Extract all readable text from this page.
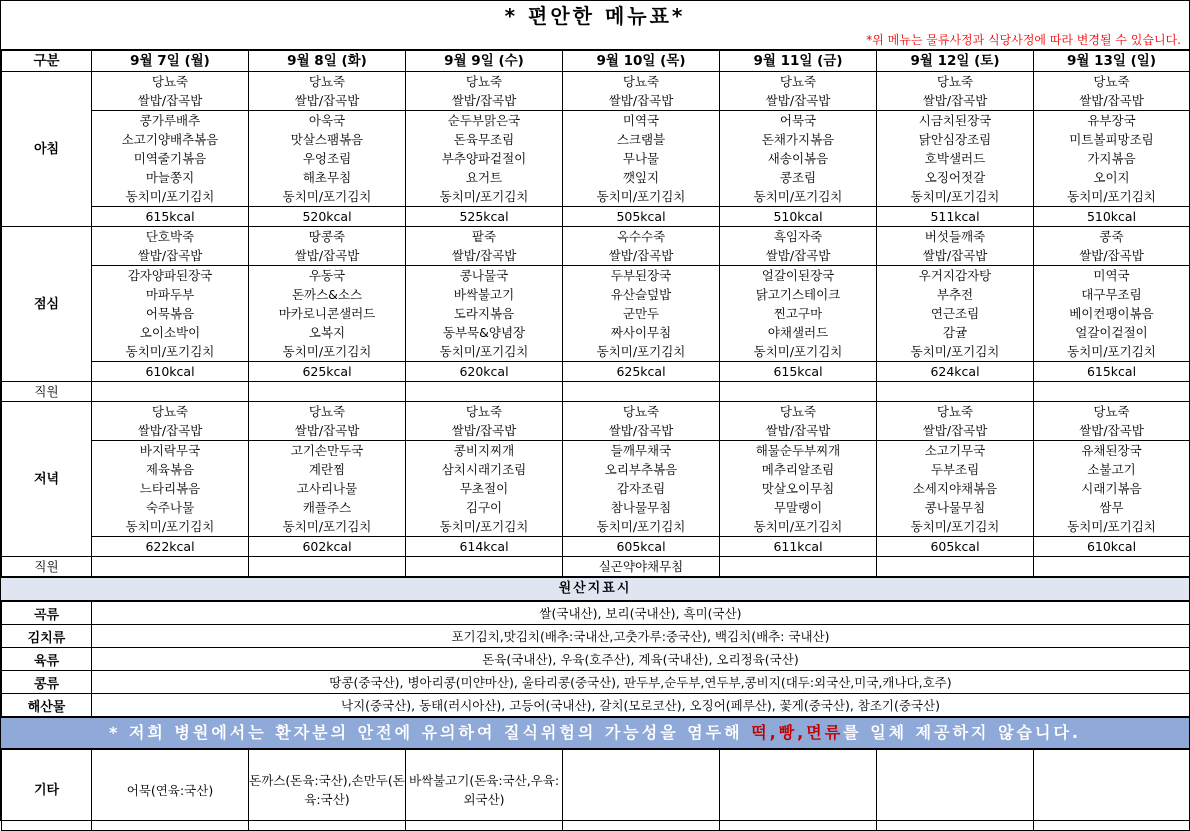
* 편안한 메뉴표*
*위 메뉴는 물류사정과 식당사정에 따라 변경될 수 있습니다.
구분	9월 7일 (월)	9월 8일 (화)	9월 9일 (수)	9월 10일 (목)	9월 11일 (금)	9월 12일 (토)	9월 13일 (일)
아침	당뇨죽	당뇨죽	당뇨죽	당뇨죽	당뇨죽	당뇨죽	당뇨죽
	쌀밥/잡곡밥	쌀밥/잡곡밥	쌀밥/잡곡밥	쌀밥/잡곡밥	쌀밥/잡곡밥	쌀밥/잡곡밥	쌀밥/잡곡밥
	콩가루배추	아욱국	순두부맑은국	미역국	어묵국	시금치된장국	유부장국
	소고기양배추볶음	맛살스팸볶음	돈육무조림	스크램블	돈채가지볶음	닭안심장조림	미트볼피망조림
	미역줄기볶음	우엉조림	부추양파겉절이	무나물	새송이볶음	호박샐러드	가지볶음
	마늘쫑지	해초무침	요거트	깻잎지	콩조림	오징어젓갈	오이지
	동치미/포기김치	동치미/포기김치	동치미/포기김치	동치미/포기김치	동치미/포기김치	동치미/포기김치	동치미/포기김치
	615kcal	520kcal	525kcal	505kcal	510kcal	511kcal	510kcal
점심	단호박죽	땅콩죽	팥죽	옥수수죽	흑임자죽	버섯들깨죽	콩죽
	쌀밥/잡곡밥	쌀밥/잡곡밥	쌀밥/잡곡밥	쌀밥/잡곡밥	쌀밥/잡곡밥	쌀밥/잡곡밥	쌀밥/잡곡밥
	감자양파된장국	우동국	콩나물국	두부된장국	얼갈이된장국	우거지감자탕	미역국
	마파두부	돈까스&소스	바싹불고기	유산슬덮밥	닭고기스테이크	부추전	대구무조림
	어묵볶음	마카로니콘샐러드	도라지볶음	군만두	찐고구마	연근조림	베이컨팽이볶음
	오이소박이	오복지	동부묵&양념장	짜사이무침	야채샐러드	감귤	얼갈이겉절이
	동치미/포기김치	동치미/포기김치	동치미/포기김치	동치미/포기김치	동치미/포기김치	동치미/포기김치	동치미/포기김치
	610kcal	625kcal	620kcal	625kcal	615kcal	624kcal	615kcal
직원							
저녁	당뇨죽	당뇨죽	당뇨죽	당뇨죽	당뇨죽	당뇨죽	당뇨죽
	쌀밥/잡곡밥	쌀밥/잡곡밥	쌀밥/잡곡밥	쌀밥/잡곡밥	쌀밥/잡곡밥	쌀밥/잡곡밥	쌀밥/잡곡밥
	바지락무국	고기손만두국	콩비지찌개	들깨무채국	해물순두부찌개	소고기무국	유채된장국
	제육볶음	계란찜	삼치시래기조림	오리부추볶음	메추리알조림	두부조림	소불고기
	느타리볶음	고사리나물	무초절이	감자조림	맛살오이무침	소세지야채볶음	시래기볶음
	숙주나물	캐플주스	김구이	참나물무침	무말랭이	콩나물무침	쌈무
	동치미/포기김치	동치미/포기김치	동치미/포기김치	동치미/포기김치	동치미/포기김치	동치미/포기김치	동치미/포기김치
	622kcal	602kcal	614kcal	605kcal	611kcal	605kcal	610kcal
직원				실곤약야채무침			
원산지표시
곡류	쌀(국내산), 보리(국내산), 흑미(국산)
김치류	포기김치,맛김치(배추:국내산,고춧가루:중국산), 백김치(배추: 국내산)
육류	돈육(국내산), 우육(호주산), 계육(국내산), 오리정육(국산)
콩류	땅콩(중국산), 병아리콩(미얀마산), 울타리콩(중국산), 판두부,순두부,연두부,콩비지(대두:외국산,미국,캐나다,호주)
해산물	낙지(중국산), 동태(러시아산), 고등어(국내산), 갈치(모로코산), 오징어(페루산), 꽃게(중국산), 참조기(중국산)
* 저희 병원에서는 환자분의 안전에 유의하여 질식위험의 가능성을 염두해 떡,빵,면류를 일체 제공하지 않습니다.
기타	어묵(연육:국산)	돈까스(돈육:국산),손만두(돈육:국산)	바싹불고기(돈육:국산,우육:외국산)				
